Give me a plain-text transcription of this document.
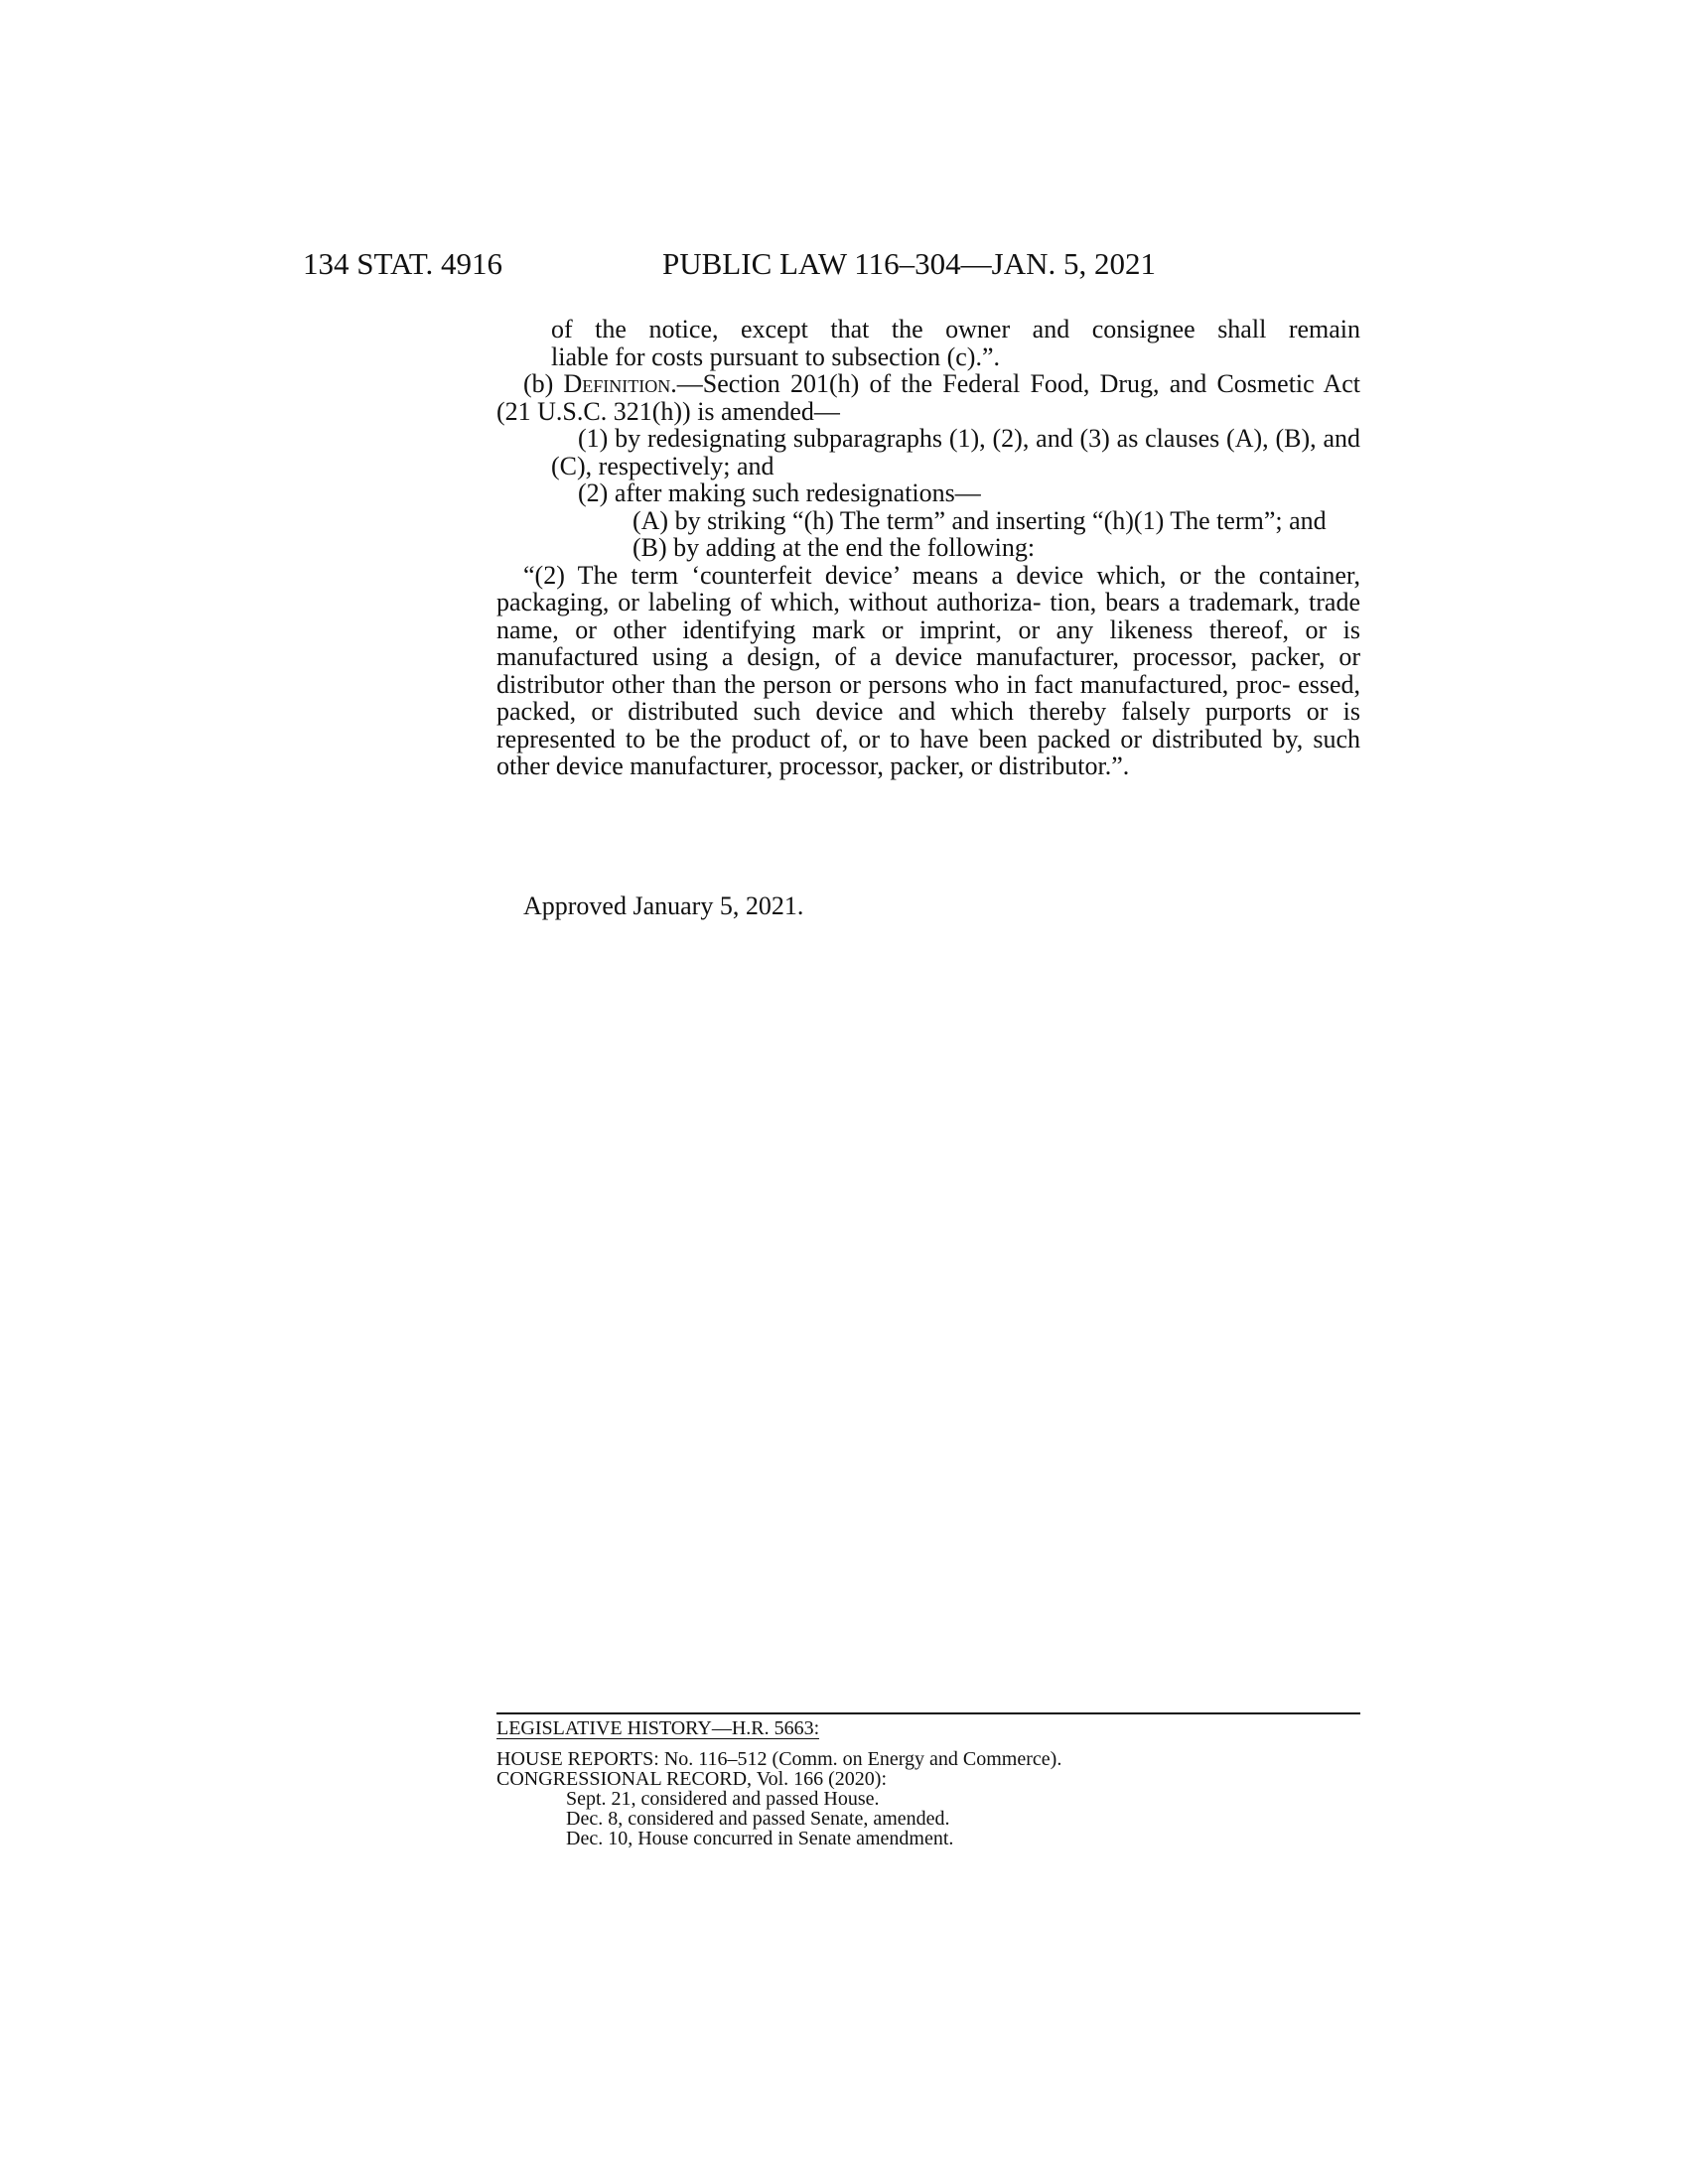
134 STAT. 4916	PUBLIC LAW 116–304—JAN. 5, 2021

of the notice, except that the owner and consignee shall remain

liable for costs pursuant to subsection (c).”.

(b) Definition.—Section 201(h) of the Federal Food, Drug, and Cosmetic Act (21 U.S.C. 321(h)) is amended—

(1) by redesignating subparagraphs (1), (2), and (3) as clauses (A), (B), and (C), respectively; and

(2) after making such redesignations—

(A) by striking “(h) The term” and inserting “(h)(1) The term”; and

(B) by adding at the end the following:

“(2) The term ‘counterfeit device’ means a device which, or the container, packaging, or labeling of which, without authoriza- tion, bears a trademark, trade name, or other identifying mark or imprint, or any likeness thereof, or is manufactured using a design, of a device manufacturer, processor, packer, or distributor other than the person or persons who in fact manufactured, proc- essed, packed, or distributed such device and which thereby falsely purports or is represented to be the product of, or to have been packed or distributed by, such other device manufacturer, processor, packer, or distributor.”.

Approved January 5, 2021.
LEGISLATIVE HISTORY—H.R. 5663:
HOUSE REPORTS: No. 116–512 (Comm. on Energy and Commerce).
CONGRESSIONAL RECORD, Vol. 166 (2020):
Sept. 21, considered and passed House.
Dec. 8, considered and passed Senate, amended.
Dec. 10, House concurred in Senate amendment.
